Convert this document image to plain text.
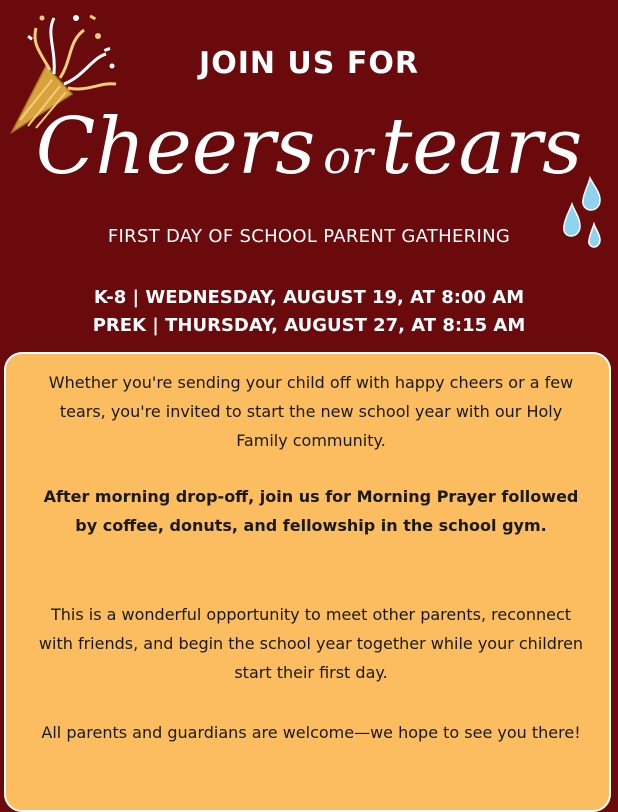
JOIN US FOR
Cheers or tears
FIRST DAY OF SCHOOL PARENT GATHERING
K-8 | WEDNESDAY, AUGUST 19, AT 8:00 AM
PREK | THURSDAY, AUGUST 27, AT 8:15 AM
Whether you're sending your child off with happy cheers or a few tears, you're invited to start the new school year with our Holy Family community.
After morning drop-off, join us for Morning Prayer followed by coffee, donuts, and fellowship in the school gym.
This is a wonderful opportunity to meet other parents, reconnect with friends, and begin the school year together while your children start their first day.
All parents and guardians are welcome—we hope to see you there!
